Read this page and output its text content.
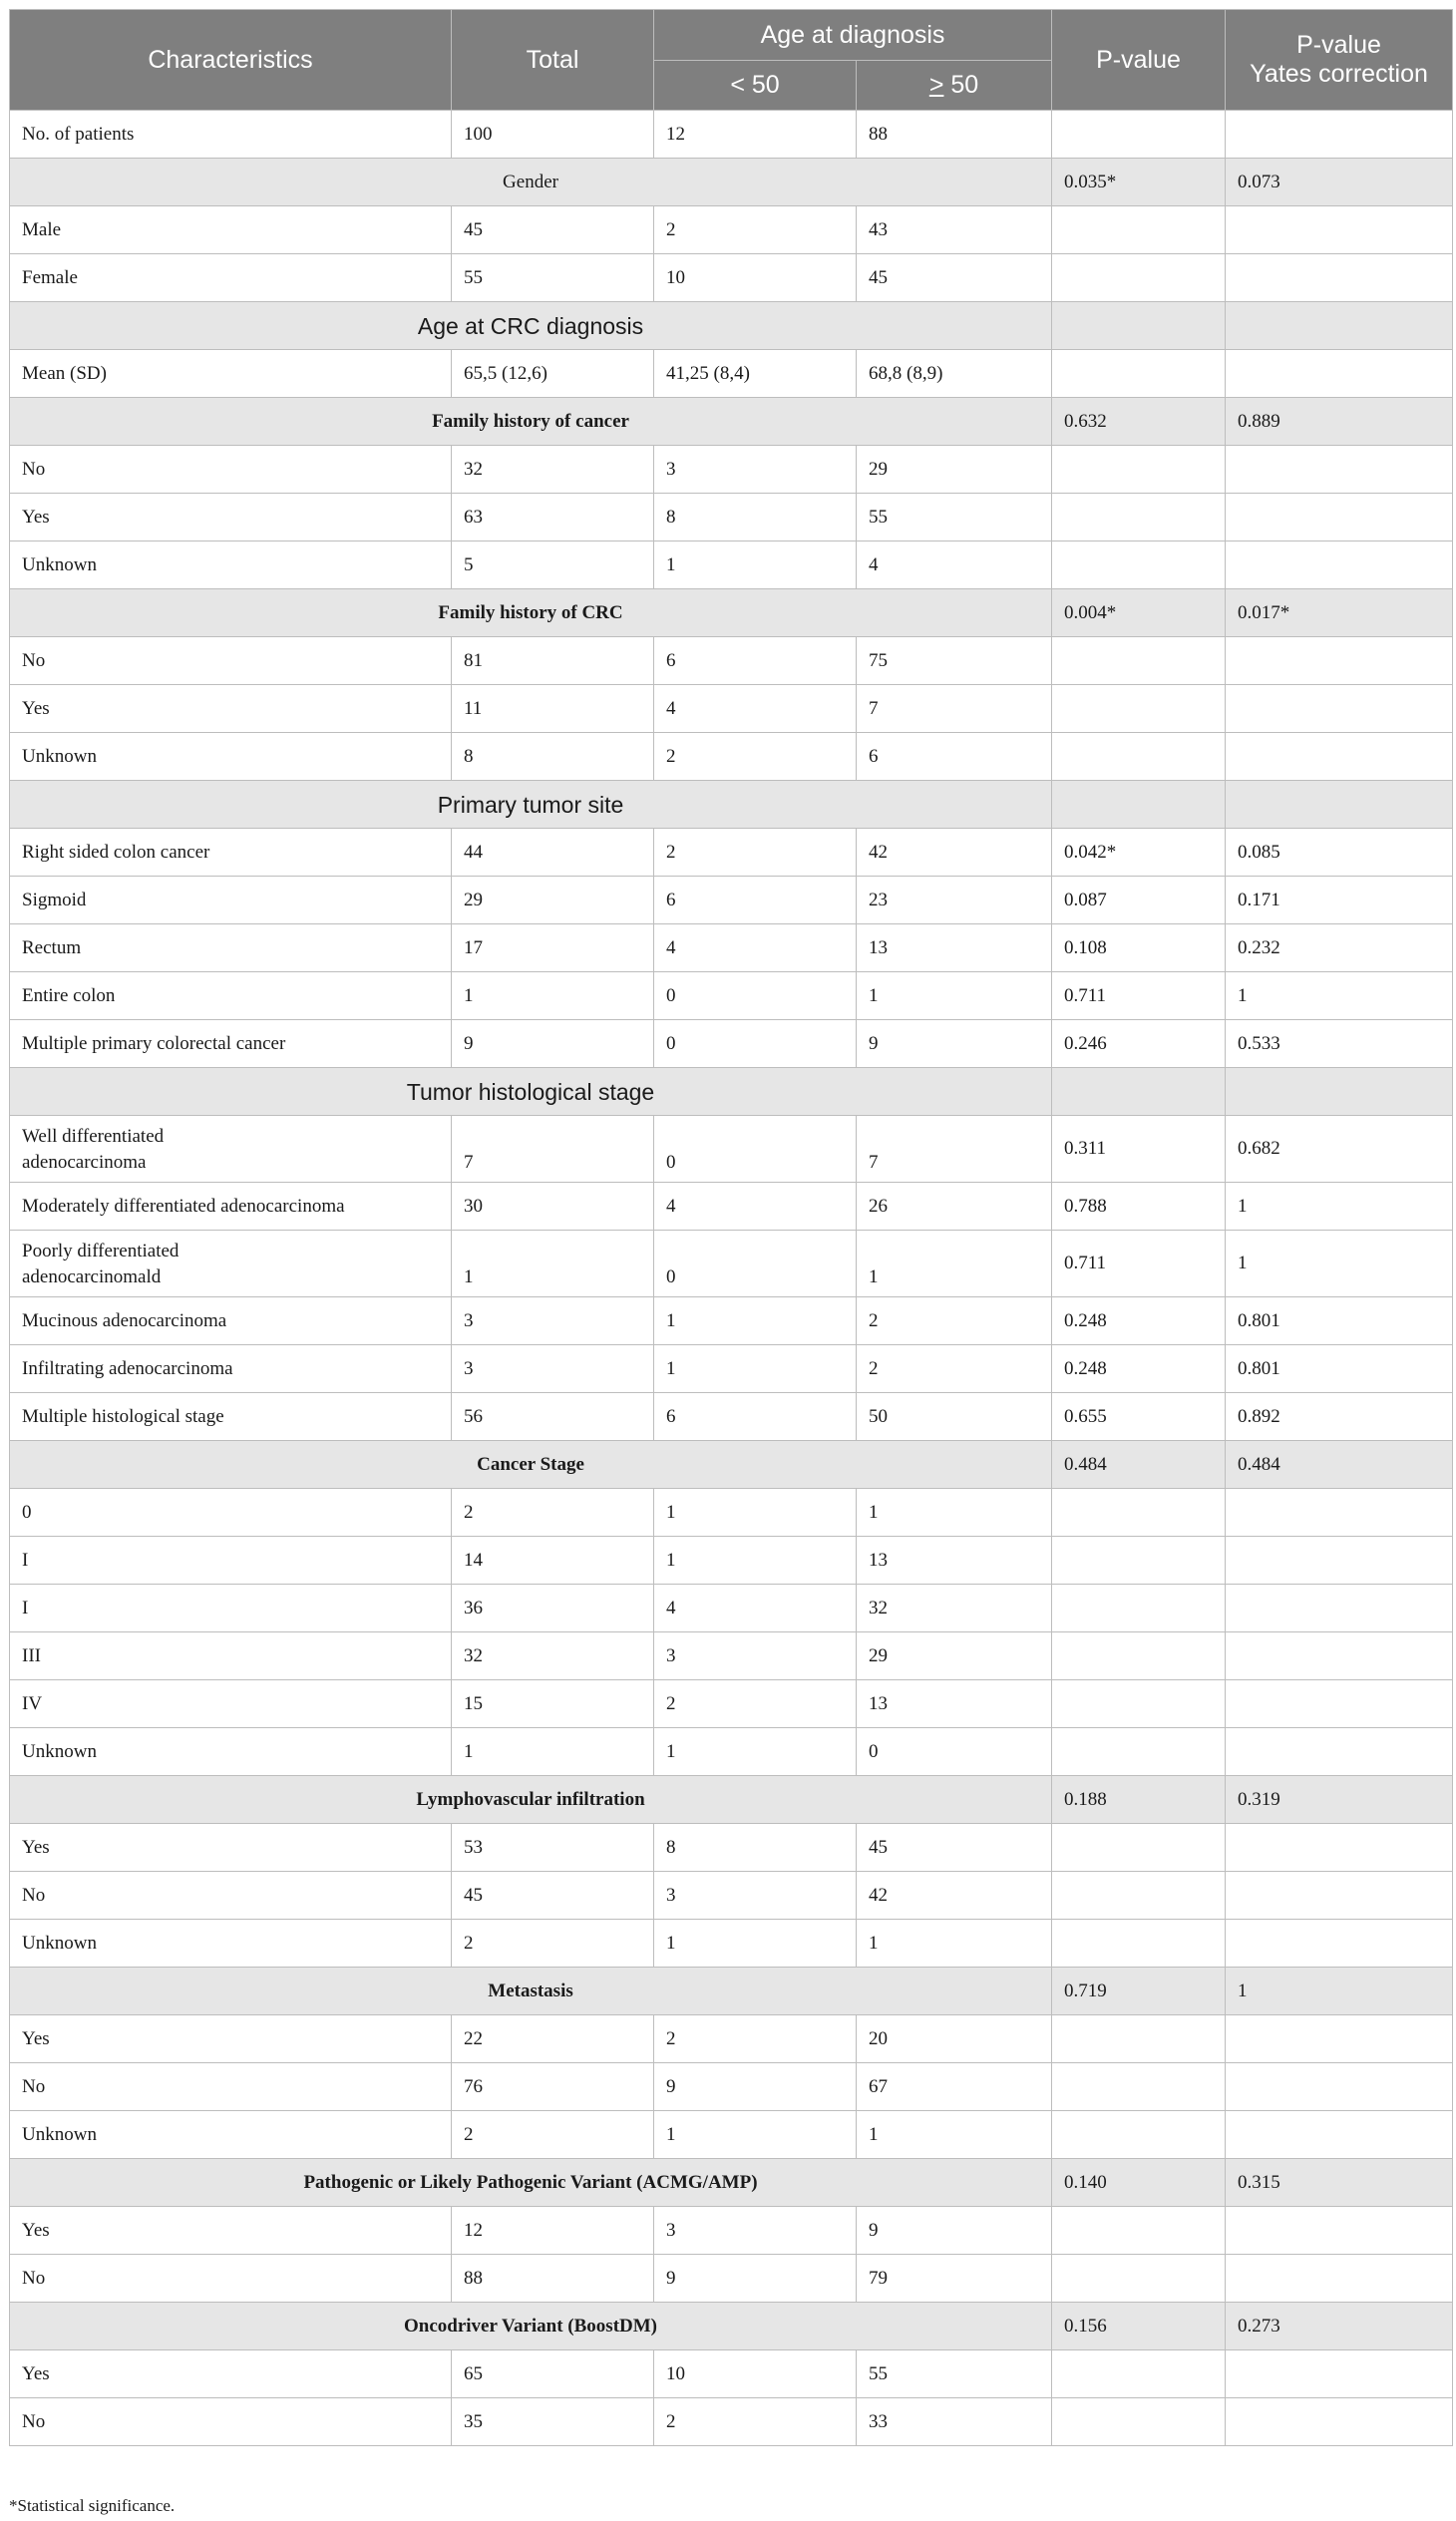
Characteristics	Total	Age at diagnosis		P-value	P-value
Yates correction
		< 50	≥ 50		
No. of patients	100	12	88		
Gender				0.035*	0.073
Male	45	2	43		
Female	55	10	45		
Age at CRC diagnosis					
Mean (SD)	65,5 (12,6)	41,25 (8,4)	68,8 (8,9)		
Family history of cancer				0.632	0.889
No	32	3	29		
Yes	63	8	55		
Unknown	5	1	4		
Family history of CRC				0.004*	0.017*
No	81	6	75		
Yes	11	4	7		
Unknown	8	2	6		
Primary tumor site					
Right sided colon cancer	44	2	42	0.042*	0.085
Sigmoid	29	6	23	0.087	0.171
Rectum	17	4	13	0.108	0.232
Entire colon	1	0	1	0.711	1
Multiple primary colorectal cancer	9	0	9	0.246	0.533
Tumor histological stage					
Well differentiated
adenocarcinoma	7	0	7	0.311	0.682
Moderately differentiated adenocarcinoma	30	4	26	0.788	1
Poorly differentiated
adenocarcinomald	1	0	1	0.711	1
Mucinous adenocarcinoma	3	1	2	0.248	0.801
Infiltrating adenocarcinoma	3	1	2	0.248	0.801
Multiple histological stage	56	6	50	0.655	0.892
Cancer Stage				0.484	0.484
0	2	1	1		
I	14	1	13		
I	36	4	32		
III	32	3	29		
IV	15	2	13		
Unknown	1	1	0		
Lymphovascular infiltration				0.188	0.319
Yes	53	8	45		
No	45	3	42		
Unknown	2	1	1		
Metastasis				0.719	1
Yes	22	2	20		
No	76	9	67		
Unknown	2	1	1		
Pathogenic or Likely Pathogenic Variant (ACMG/AMP)				0.140	0.315
Yes	12	3	9		
No	88	9	79		
Oncodriver Variant (BoostDM)				0.156	0.273
Yes	65	10	55		
No	35	2	33		
*Statistical significance.
